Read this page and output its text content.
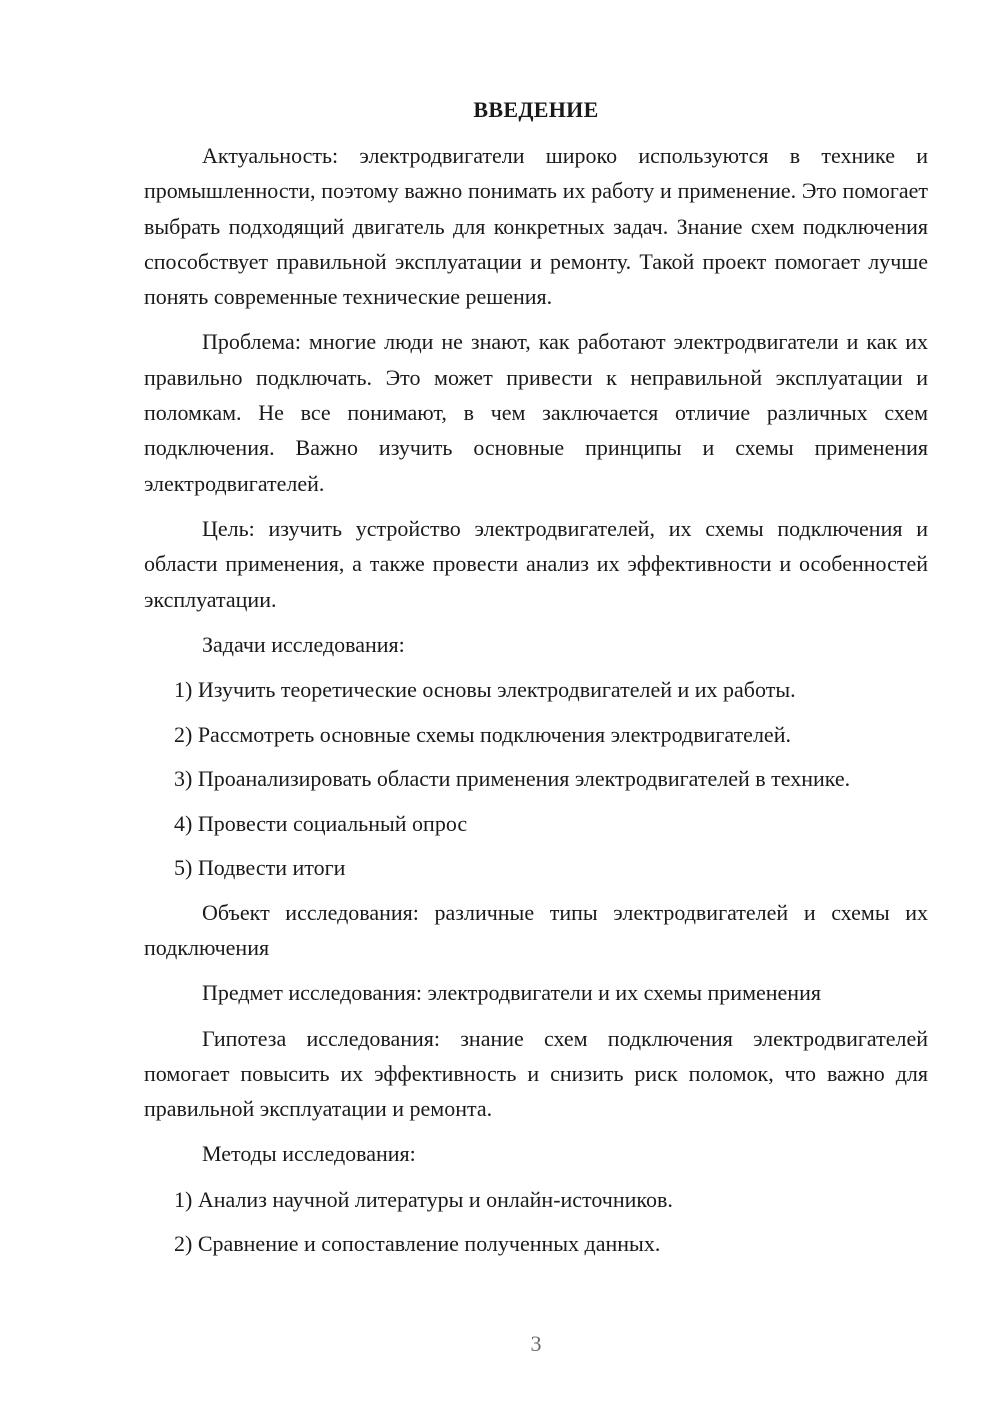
ВВЕДЕНИЕ

Актуальность: электродвигатели широко используются в технике и промышленности, поэтому важно понимать их работу и применение. Это помогает выбрать подходящий двигатель для конкретных задач. Знание схем подключения способствует правильной эксплуатации и ремонту. Такой проект помогает лучше понять современные технические решения.

Проблема: многие люди не знают, как работают электродвигатели и как их правильно подключать. Это может привести к неправильной эксплуатации и поломкам. Не все понимают, в чем заключается отличие различных схем подключения. Важно изучить основные принципы и схемы применения электродвигателей.

Цель: изучить устройство электродвигателей, их схемы подключения и области применения, а также провести анализ их эффективности и особенностей эксплуатации.

Задачи исследования:

1) Изучить теоретические основы электродвигателей и их работы.

2) Рассмотреть основные схемы подключения электродвигателей.

3) Проанализировать области применения электродвигателей в технике.

4) Провести социальный опрос

5) Подвести итоги

Объект исследования: различные типы электродвигателей и схемы их подключения

Предмет исследования: электродвигатели и их схемы применения

Гипотеза исследования: знание схем подключения электродвигателей помогает повысить их эффективность и снизить риск поломок, что важно для правильной эксплуатации и ремонта.

Методы исследования:

1) Анализ научной литературы и онлайн-источников.

2) Сравнение и сопоставление полученных данных.

3
